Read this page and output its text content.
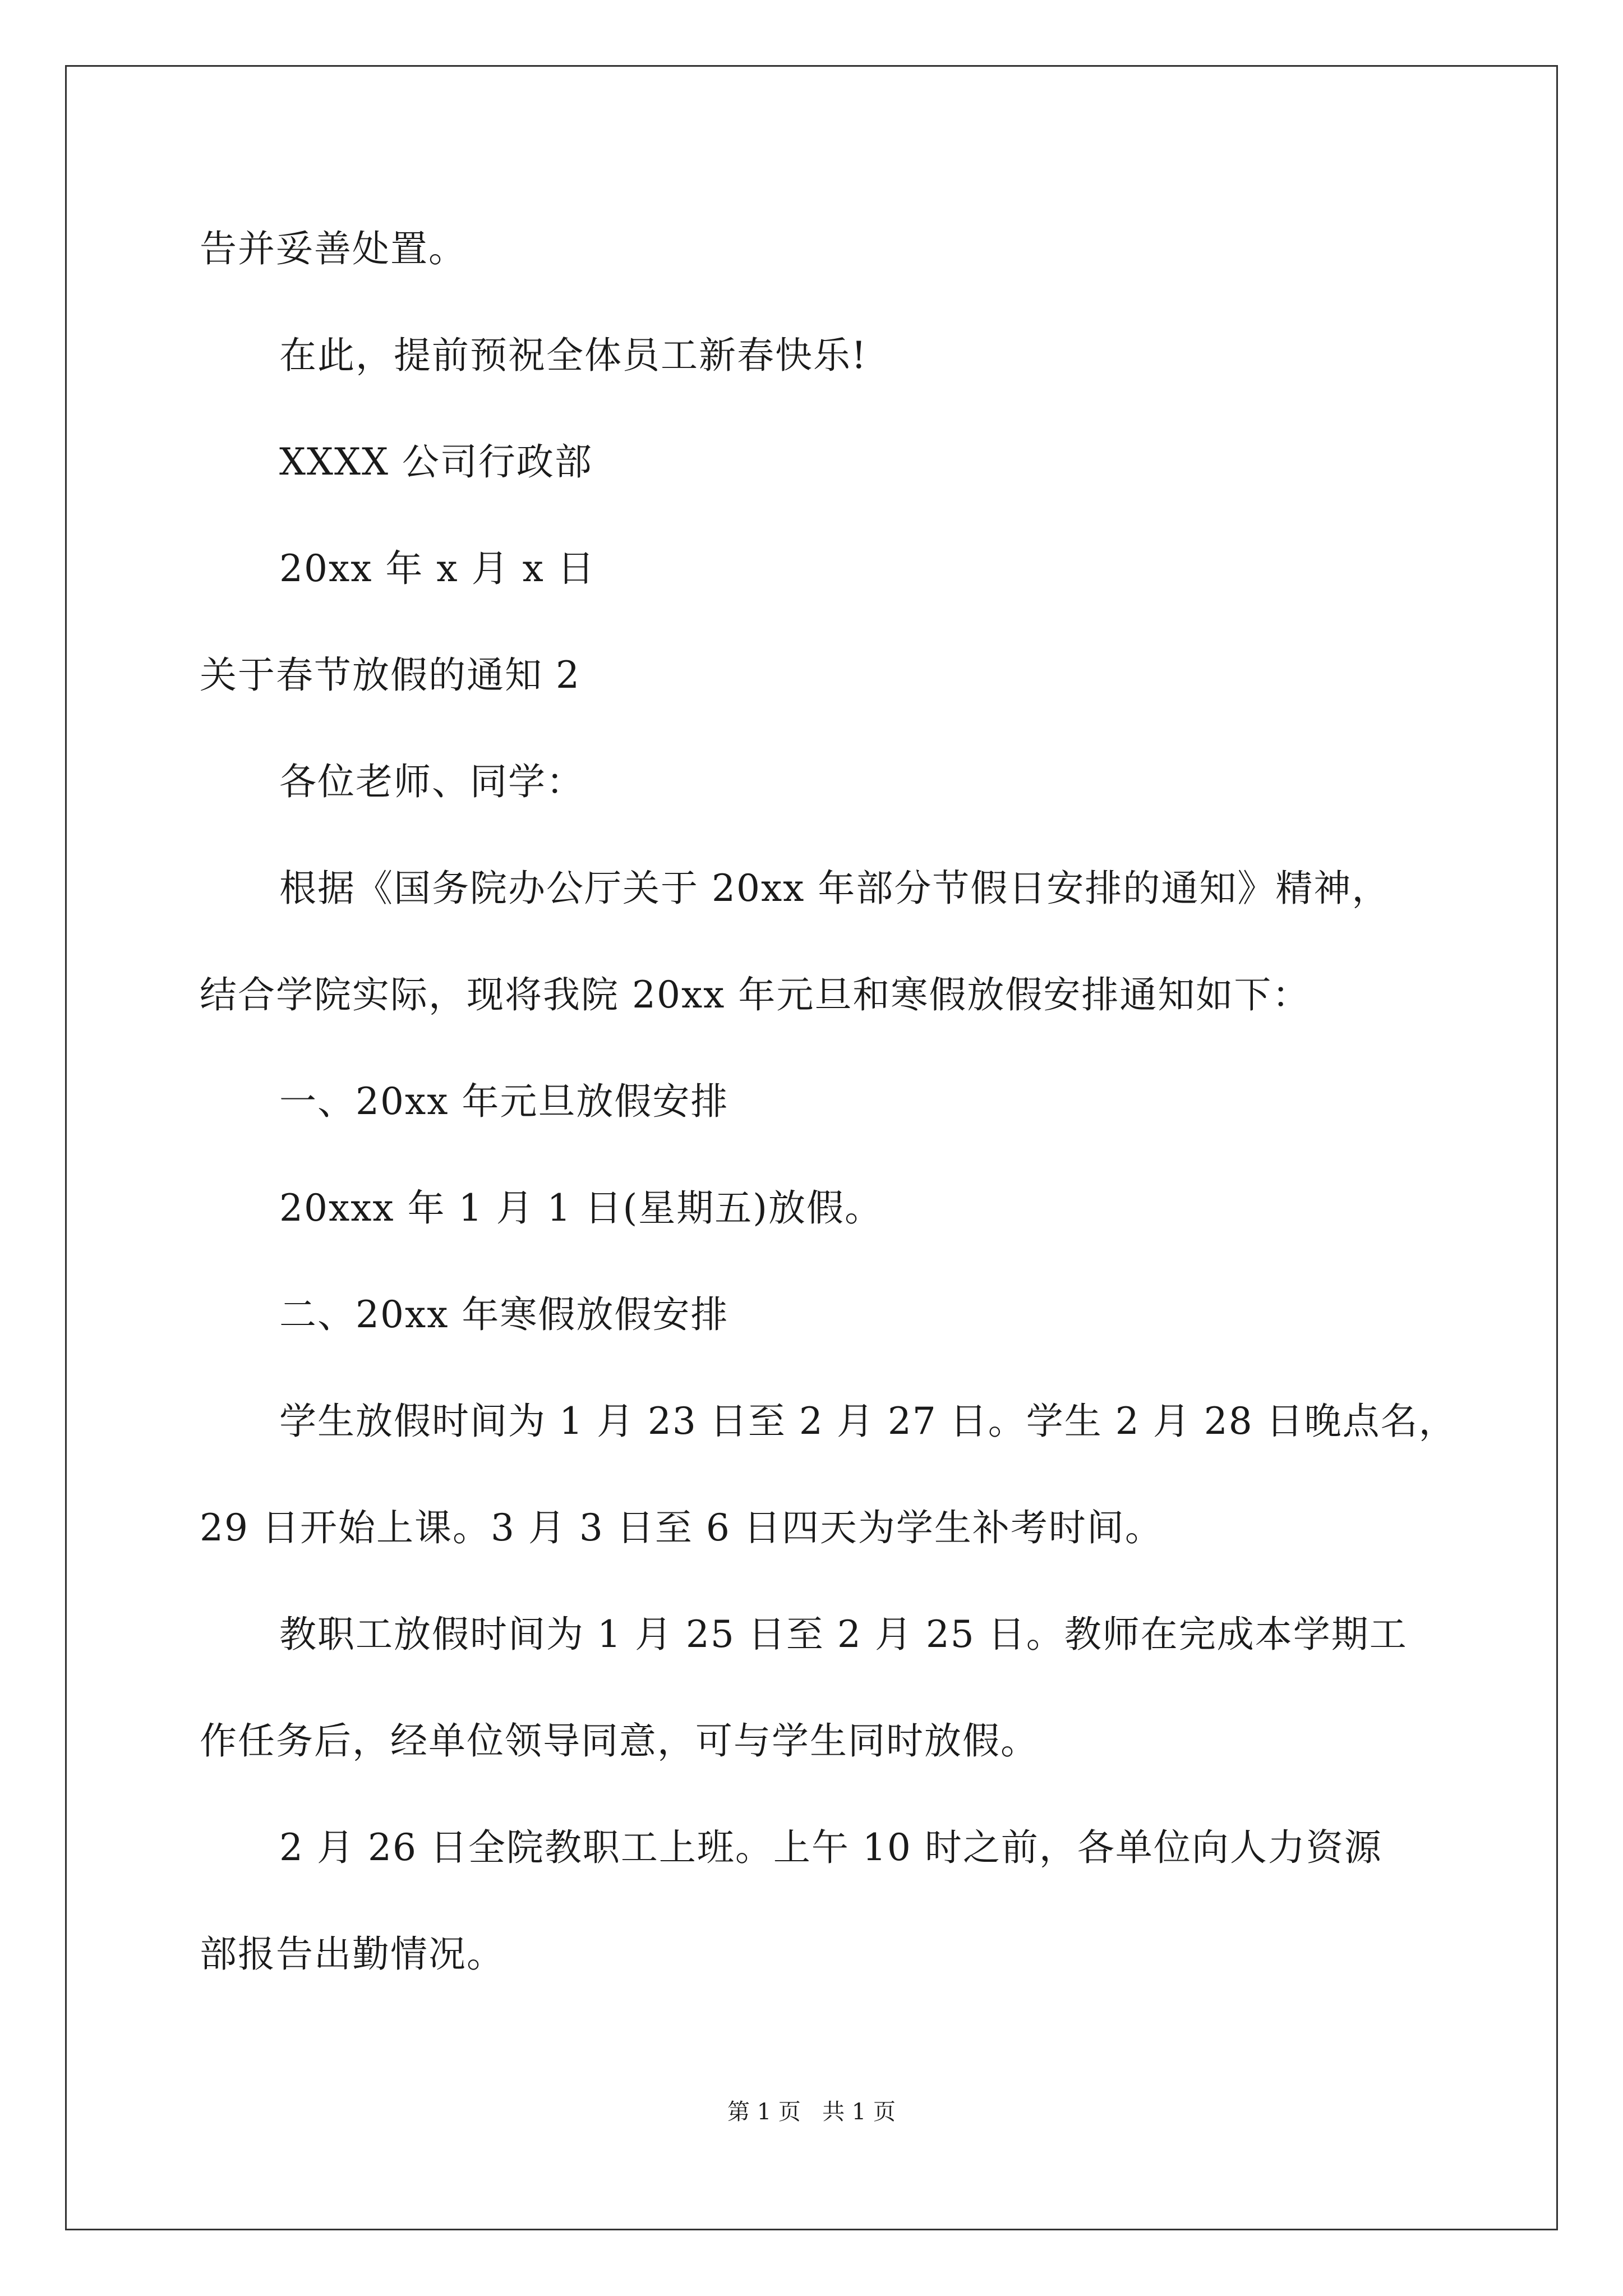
告并妥善处置。
在此，提前预祝全体员工新春快乐!
XXXX 公司行政部
20xx 年 x 月 x 日
关于春节放假的通知 2
各位老师、同学：
根据《国务院办公厅关于 20xx 年部分节假日安排的通知》精神，
结合学院实际，现将我院 20xx 年元旦和寒假放假安排通知如下：
一、20xx 年元旦放假安排
20xxx 年 1 月 1 日(星期五)放假。
二、20xx 年寒假放假安排
学生放假时间为 1 月 23 日至 2 月 27 日。学生 2 月 28 日晚点名，
29 日开始上课。3 月 3 日至 6 日四天为学生补考时间。
教职工放假时间为 1 月 25 日至 2 月 25 日。教师在完成本学期工
作任务后，经单位领导同意，可与学生同时放假。
2 月 26 日全院教职工上班。上午 10 时之前，各单位向人力资源
部报告出勤情况。
第 1 页   共 1 页
